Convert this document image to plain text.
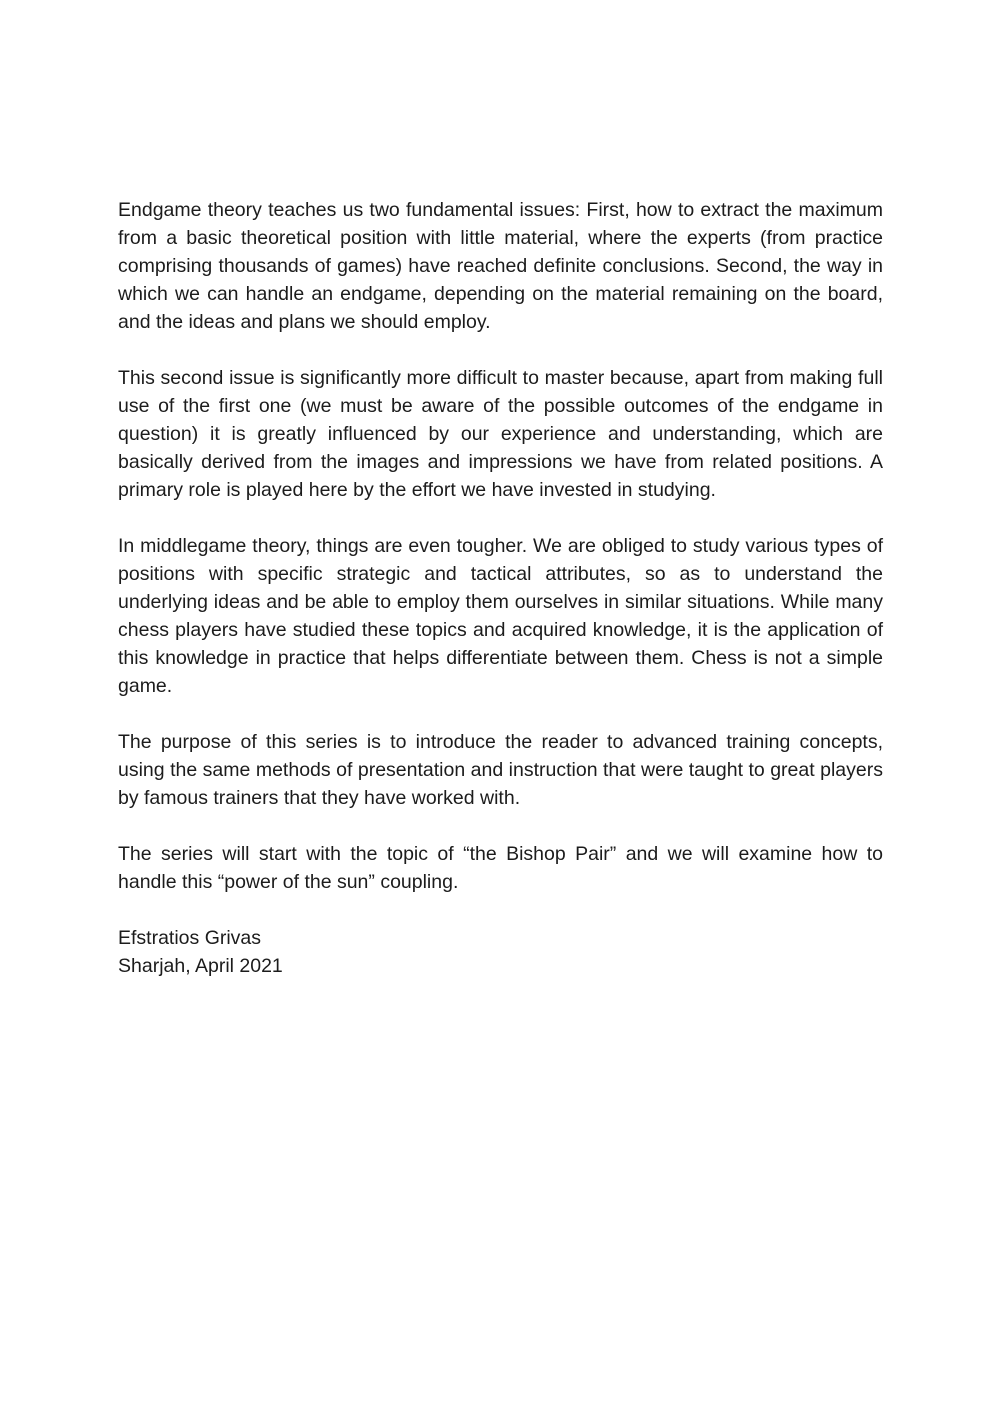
Endgame theory teaches us two fundamental issues: First, how to extract the maximum from a basic theoretical position with little material, where the experts (from practice comprising thousands of games) have reached definite conclusions. Second, the way in which we can handle an endgame, depending on the material remaining on the board, and the ideas and plans we should employ.

This second issue is significantly more difficult to master because, apart from making full use of the first one (we must be aware of the possible outcomes of the endgame in question) it is greatly influenced by our experience and understanding, which are basically derived from the images and impressions we have from related positions. A primary role is played here by the effort we have invested in studying.

In middlegame theory, things are even tougher. We are obliged to study various types of positions with specific strategic and tactical attributes, so as to understand the underlying ideas and be able to employ them ourselves in similar situations. While many chess players have studied these topics and acquired knowledge, it is the application of this knowledge in practice that helps differentiate between them. Chess is not a simple game.

The purpose of this series is to introduce the reader to advanced training concepts, using the same methods of presentation and instruction that were taught to great players by famous trainers that they have worked with.

The series will start with the topic of “the Bishop Pair” and we will examine how to handle this “power of the sun” coupling.

Efstratios Grivas
Sharjah, April 2021
